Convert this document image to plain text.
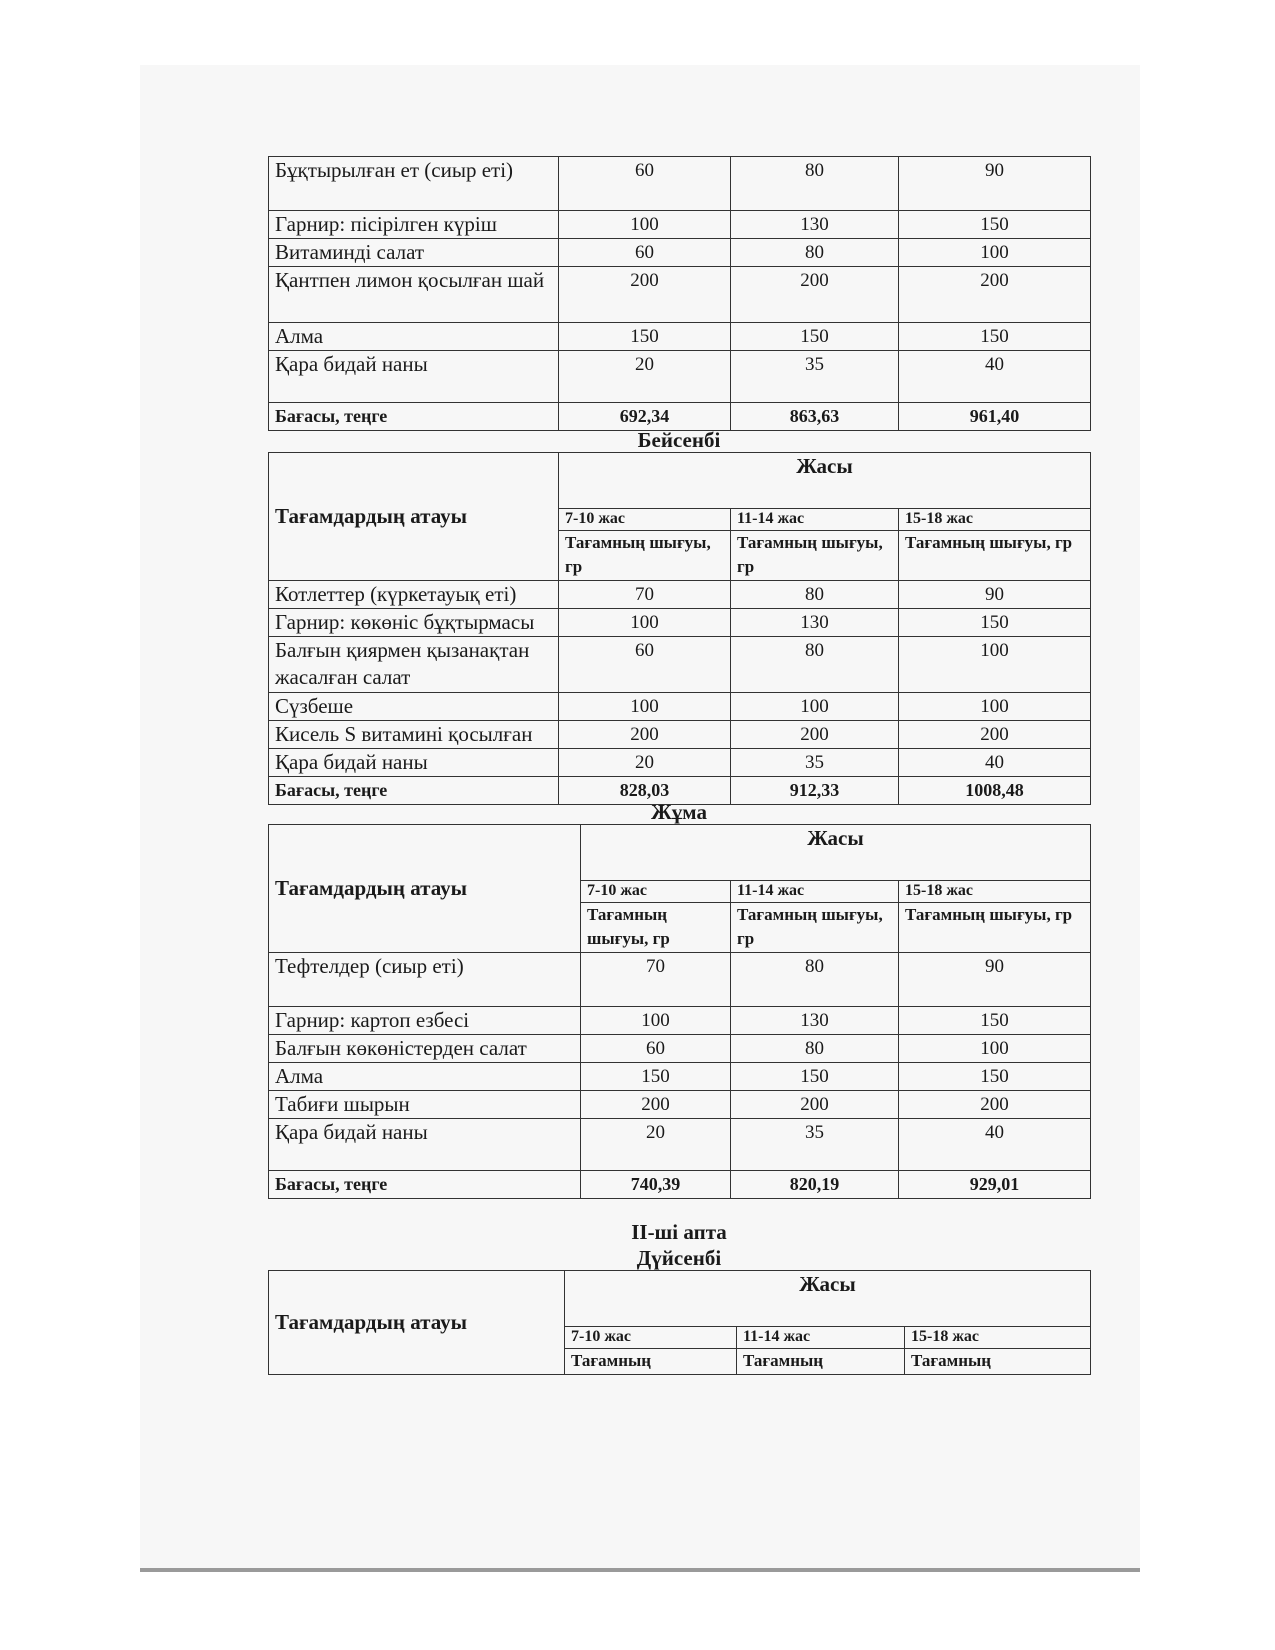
Бұқтырылған ет (сиыр еті)	60	80	90
Гарнир: пісірілген күріш	100	130	150
Витаминді салат	60	80	100
Қантпен лимон қосылған шай	200	200	200
Алма	150	150	150
Қара бидай наны	20	35	40
Бағасы, теңге	692,34	863,63	961,40
Бейсенбі
Тағамдардың атауы	Жасы		
	7-10 жас	11-14 жас	15-18 жас
	Тағамның шығуы, гр	Тағамның шығуы, гр	Тағамның шығуы, гр
Котлеттер (күркетауық еті)	70	80	90
Гарнир: көкөніс бұқтырмасы	100	130	150
Балғын қиярмен қызанақтан жасалған салат	60	80	100
Сүзбеше	100	100	100
Кисель S витамині қосылған	200	200	200
Қара бидай наны	20	35	40
Бағасы, теңге	828,03	912,33	1008,48
Жұма
Тағамдардың атауы	Жасы		
	7-10 жас	11-14 жас	15-18 жас
	Тағамның шығуы, гр	Тағамның шығуы, гр	Тағамның шығуы, гр
Тефтелдер (сиыр еті)	70	80	90
Гарнир: картоп езбесі	100	130	150
Балғын көкөністерден салат	60	80	100
Алма	150	150	150
Табиғи шырын	200	200	200
Қара бидай наны	20	35	40
Бағасы, теңге	740,39	820,19	929,01
ІІ-ші апта
Дүйсенбі
Тағамдардың атауы	Жасы		
	7-10 жас	11-14 жас	15-18 жас
	Тағамның	Тағамның	Тағамның
